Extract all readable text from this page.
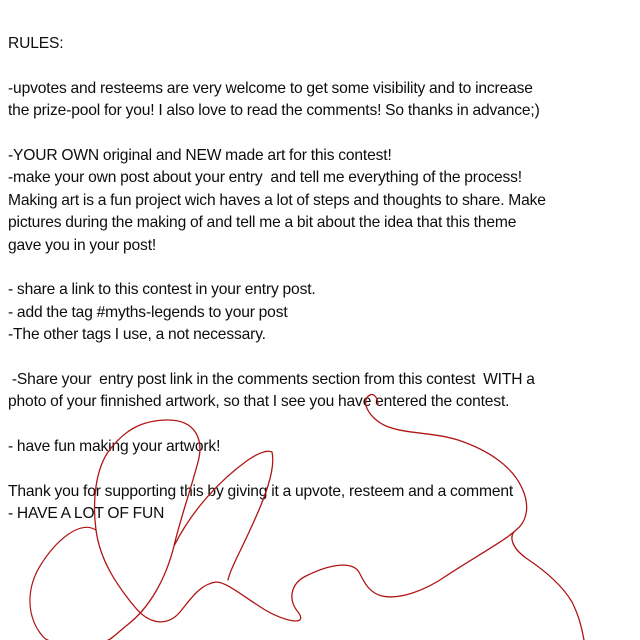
RULES:
-upvotes and resteems are very welcome to get some visibility and to increase
the prize-pool for you! I also love to read the comments! So thanks in advance;)
-YOUR OWN original and NEW made art for this contest!
-make your own post about your entry  and tell me everything of the process!
Making art is a fun project wich haves a lot of steps and thoughts to share. Make
pictures during the making of and tell me a bit about the idea that this theme
gave you in your post!
- share a link to this contest in your entry post.
- add the tag #myths-legends to your post
-The other tags I use, a not necessary.
-Share your  entry post link in the comments section from this contest  WITH a
photo of your finnished artwork, so that I see you have entered the contest.
- have fun making your artwork!
Thank you for supporting this by giving it a upvote, resteem and a comment
- HAVE A LOT OF FUN
